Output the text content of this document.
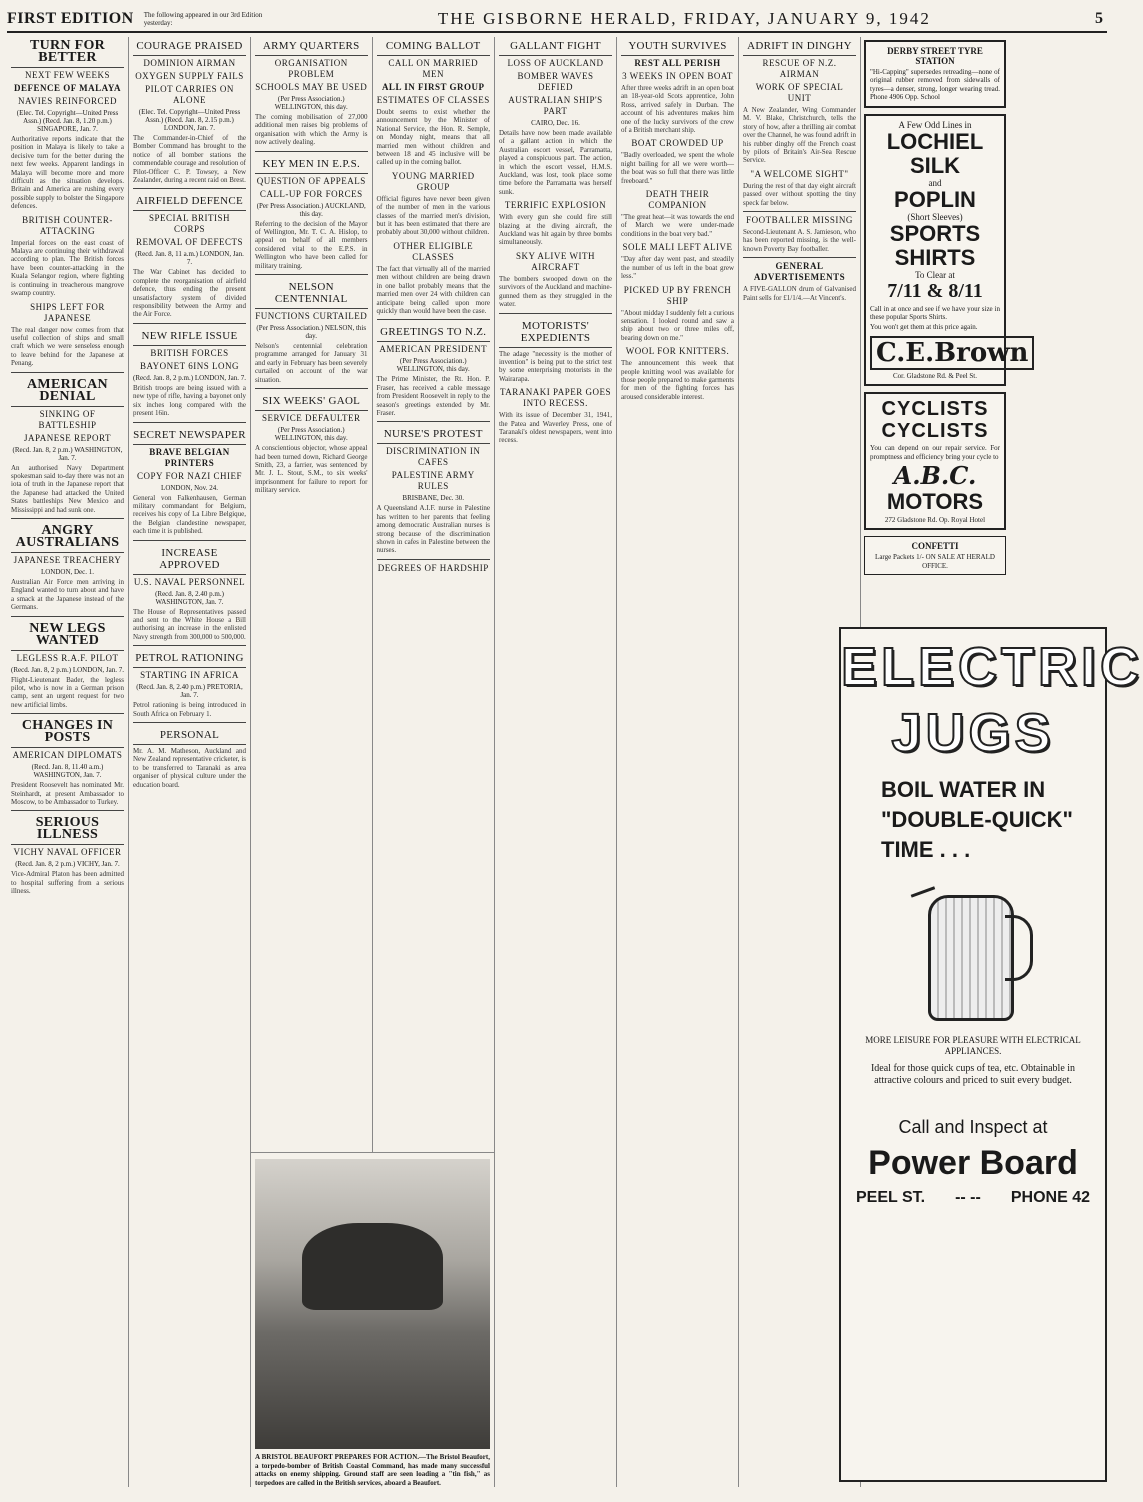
FIRST EDITION The following appeared in our 3rd Edition yesterday:	THE GISBORNE HERALD, FRIDAY, JANUARY 9, 1942	5
TURN FOR BETTER
NEXT FEW WEEKS
DEFENCE OF MALAYA
NAVIES REINFORCED
(Elec. Tel. Copyright—United Press Assn.) (Recd. Jan. 8, 1.20 p.m.) SINGAPORE, Jan. 7.

Authoritative reports indicate that the position in Malaya is likely to take a decisive turn for the better during the next few weeks. Apparent landings in Malaya will become more and more difficult as the situation develops. Britain and America are rushing every possible supply to bolster the Singapore defences.

BRITISH COUNTER-ATTACKING

Imperial forces on the east coast of Malaya are continuing their withdrawal according to plan. The British forces have been counter-attacking in the Kuala Selangor region, where fighting is continuing in treacherous mangrove swamp country.

SHIPS LEFT FOR JAPANESE

The real danger now comes from that useful collection of ships and small craft which we were senseless enough to leave behind for the Japanese at Penang.

AMERICAN DENIAL
SINKING OF BATTLESHIP
JAPANESE REPORT
(Recd. Jan. 8, 2 p.m.) WASHINGTON, Jan. 7.

An authorised Navy Department spokesman said to-day there was not an iota of truth in the Japanese report that the Japanese had attacked the United States battleships New Mexico and Mississippi and had sunk one.

ANGRY AUSTRALIANS
JAPANESE TREACHERY
LONDON, Dec. 1.

Australian Air Force men arriving in England wanted to turn about and have a smack at the Japanese instead of the Germans.

NEW LEGS WANTED
LEGLESS R.A.F. PILOT
(Recd. Jan. 8, 2 p.m.) LONDON, Jan. 7.

Flight-Lieutenant Bader, the legless pilot, who is now in a German prison camp, sent an urgent request for two new artificial limbs.

CHANGES IN POSTS
AMERICAN DIPLOMATS
(Recd. Jan. 8, 11.40 a.m.) WASHINGTON, Jan. 7.

President Roosevelt has nominated Mr. Steinhardt, at present Ambassador to Moscow, to be Ambassador to Turkey.

SERIOUS ILLNESS
VICHY NAVAL OFFICER
(Recd. Jan. 8, 2 p.m.) VICHY, Jan. 7.

Vice-Admiral Platon has been admitted to hospital suffering from a serious illness.

COURAGE PRAISED
DOMINION AIRMAN
OXYGEN SUPPLY FAILS
PILOT CARRIES ON ALONE
(Elec. Tel. Copyright—United Press Assn.) (Recd. Jan. 8, 2.15 p.m.) LONDON, Jan. 7.

The Commander-in-Chief of the Bomber Command has brought to the notice of all bomber stations the commendable courage and resolution of Pilot-Officer C. P. Towsey, a New Zealander, during a recent raid on Brest.

AIRFIELD DEFENCE
SPECIAL BRITISH CORPS
REMOVAL OF DEFECTS
(Recd. Jan. 8, 11 a.m.) LONDON, Jan. 7.

The War Cabinet has decided to complete the reorganisation of airfield defence, thus ending the present unsatisfactory system of divided responsibility between the Army and the Air Force.

NEW RIFLE ISSUE
BRITISH FORCES
BAYONET 6INS LONG
(Recd. Jan. 8, 2 p.m.) LONDON, Jan. 7.

British troops are being issued with a new type of rifle, having a bayonet only six inches long compared with the present 16in.

SECRET NEWSPAPER
BRAVE BELGIAN PRINTERS
COPY FOR NAZI CHIEF
LONDON, Nov. 24.

General von Falkenhausen, German military commandant for Belgium, receives his copy of La Libre Belgique, the Belgian clandestine newspaper, each time it is published.

INCREASE APPROVED
U.S. NAVAL PERSONNEL
(Recd. Jan. 8, 2.40 p.m.) WASHINGTON, Jan. 7.

The House of Representatives passed and sent to the White House a Bill authorising an increase in the enlisted Navy strength from 300,000 to 500,000.

PETROL RATIONING
STARTING IN AFRICA
(Recd. Jan. 8, 2.40 p.m.) PRETORIA, Jan. 7.

Petrol rationing is being introduced in South Africa on February 1.

PERSONAL

Mr. A. M. Matheson, Auckland and New Zealand representative cricketer, is to be transferred to Taranaki as area organiser of physical culture under the education board.

ARMY QUARTERS
ORGANISATION PROBLEM
SCHOOLS MAY BE USED
(Per Press Association.) WELLINGTON, this day.

The coming mobilisation of 27,000 additional men raises big problems of organisation with which the Army is now actively dealing.

KEY MEN IN E.P.S.
QUESTION OF APPEALS
CALL-UP FOR FORCES
(Per Press Association.) AUCKLAND, this day.

Referring to the decision of the Mayor of Wellington, Mr. T. C. A. Hislop, to appeal on behalf of all members considered vital to the E.P.S. in Wellington who have been called for military training.

NELSON CENTENNIAL
FUNCTIONS CURTAILED
(Per Press Association.) NELSON, this day.

Nelson's centennial celebration programme arranged for January 31 and early in February has been severely curtailed on account of the war situation.

SIX WEEKS' GAOL
SERVICE DEFAULTER
(Per Press Association.) WELLINGTON, this day.

A conscientious objector, whose appeal had been turned down, Richard George Smith, 23, a farrier, was sentenced by Mr. J. L. Stout, S.M., to six weeks' imprisonment for failure to report for military service.

COMING BALLOT
CALL ON MARRIED MEN
ALL IN FIRST GROUP
ESTIMATES OF CLASSES

Doubt seems to exist whether the announcement by the Minister of National Service, the Hon. R. Semple, on Monday night, means that all married men without children and between 18 and 45 inclusive will be called up in the coming ballot.

YOUNG MARRIED GROUP

Official figures have never been given of the number of men in the various classes of the married men's division, but it has been estimated that there are probably about 30,000 without children.

OTHER ELIGIBLE CLASSES

The fact that virtually all of the married men without children are being drawn in one ballot probably means that the married men over 24 with children can anticipate being called upon more quickly than would have been the case.

GREETINGS TO N.Z.
AMERICAN PRESIDENT
(Per Press Association.) WELLINGTON, this day.

The Prime Minister, the Rt. Hon. P. Fraser, has received a cable message from President Roosevelt in reply to the season's greetings extended by Mr. Fraser.

NURSE'S PROTEST
DISCRIMINATION IN CAFES
PALESTINE ARMY RULES
BRISBANE, Dec. 30.

A Queensland A.I.F. nurse in Palestine has written to her parents that feeling among democratic Australian nurses is strong because of the discrimination shown in cafes in Palestine between the nurses.

DEGREES OF HARDSHIP
A BRISTOL BEAUFORT PREPARES FOR ACTION.—The Bristol Beaufort, a torpedo-bomber of British Coastal Command, has made many successful attacks on enemy shipping. Ground staff are seen loading a "tin fish," as torpedoes are called in the British services, aboard a Beaufort.
GALLANT FIGHT
LOSS OF AUCKLAND
BOMBER WAVES DEFIED
AUSTRALIAN SHIP'S PART
CAIRO, Dec. 16.

Details have now been made available of a gallant action in which the Australian escort vessel, Parramatta, played a conspicuous part. The action, in which the escort vessel, H.M.S. Auckland, was lost, took place some time before the Parramatta was herself sunk.

TERRIFIC EXPLOSION

With every gun she could fire still blazing at the diving aircraft, the Auckland was hit again by three bombs simultaneously.

SKY ALIVE WITH AIRCRAFT

The bombers swooped down on the survivors of the Auckland and machine-gunned them as they struggled in the water.

MOTORISTS' EXPEDIENTS

The adage "necessity is the mother of invention" is being put to the strict test by some enterprising motorists in the Wairarapa.

TARANAKI PAPER GOES INTO RECESS.

With its issue of December 31, 1941, the Patea and Waverley Press, one of Taranaki's oldest newspapers, went into recess.

YOUTH SURVIVES
REST ALL PERISH
3 WEEKS IN OPEN BOAT

After three weeks adrift in an open boat an 18-year-old Scots apprentice, John Ross, arrived safely in Durban. The account of his adventures makes him one of the lucky survivors of the crew of a British merchant ship.

BOAT CROWDED UP

"Badly overloaded, we spent the whole night bailing for all we were worth—the boat was so full that there was little freeboard."

DEATH THEIR COMPANION

"The great heat—it was towards the end of March we were under-made conditions in the boat very bad."

SOLE MALI LEFT ALIVE

"Day after day went past, and steadily the number of us left in the boat grew less."

PICKED UP BY FRENCH SHIP

"About midday I suddenly felt a curious sensation. I looked round and saw a ship about two or three miles off, bearing down on me."

WOOL FOR KNITTERS.

The announcement this week that people knitting wool was available for those people prepared to make garments for men of the fighting forces has aroused considerable interest.

ADRIFT IN DINGHY
RESCUE OF N.Z. AIRMAN
WORK OF SPECIAL UNIT

A New Zealander, Wing Commander M. V. Blake, Christchurch, tells the story of how, after a thrilling air combat over the Channel, he was found adrift in his rubber dinghy off the French coast by pilots of Britain's Air-Sea Rescue Service.

"A WELCOME SIGHT"

During the rest of that day eight aircraft passed over without spotting the tiny speck far below.

FOOTBALLER MISSING

Second-Lieutenant A. S. Jamieson, who has been reported missing, is the well-known Poverty Bay footballer.

GENERAL ADVERTISEMENTS

A FIVE-GALLON drum of Galvanised Paint sells for £1/1/4.—At Vincent's.

DERBY STREET TYRE STATION
"Hi-Capping" supersedes retreading—none of original rubber removed from sidewalls of tyres—a denser, strong, longer wearing tread. Phone 4906 Opp. School
A Few Odd Lines in
LOCHIEL
SILK
and
POPLIN
(Short Sleeves)
SPORTS
SHIRTS
To Clear at
7/11 & 8/11
Call in at once and see if we have your size in these popular Sports Shirts.
You won't get them at this price again.
C.E.Brown
Cor. Gladstone Rd. & Peel St.
CYCLISTS
CYCLISTS
You can depend on our repair service. For promptness and efficiency bring your cycle to
A.B.C.
MOTORS
272 Gladstone Rd. Op. Royal Hotel
CONFETTI
Large Packets 1/- ON SALE AT HERALD OFFICE.
ELECTRIC
JUGS
BOIL WATER IN
"DOUBLE-QUICK"
TIME . . .
MORE LEISURE FOR PLEASURE WITH ELECTRICAL APPLIANCES.
Ideal for those quick cups of tea, etc. Obtainable in attractive colours and priced to suit every budget.
Call and Inspect at
Power Board
PEEL ST. -- -- PHONE 42
